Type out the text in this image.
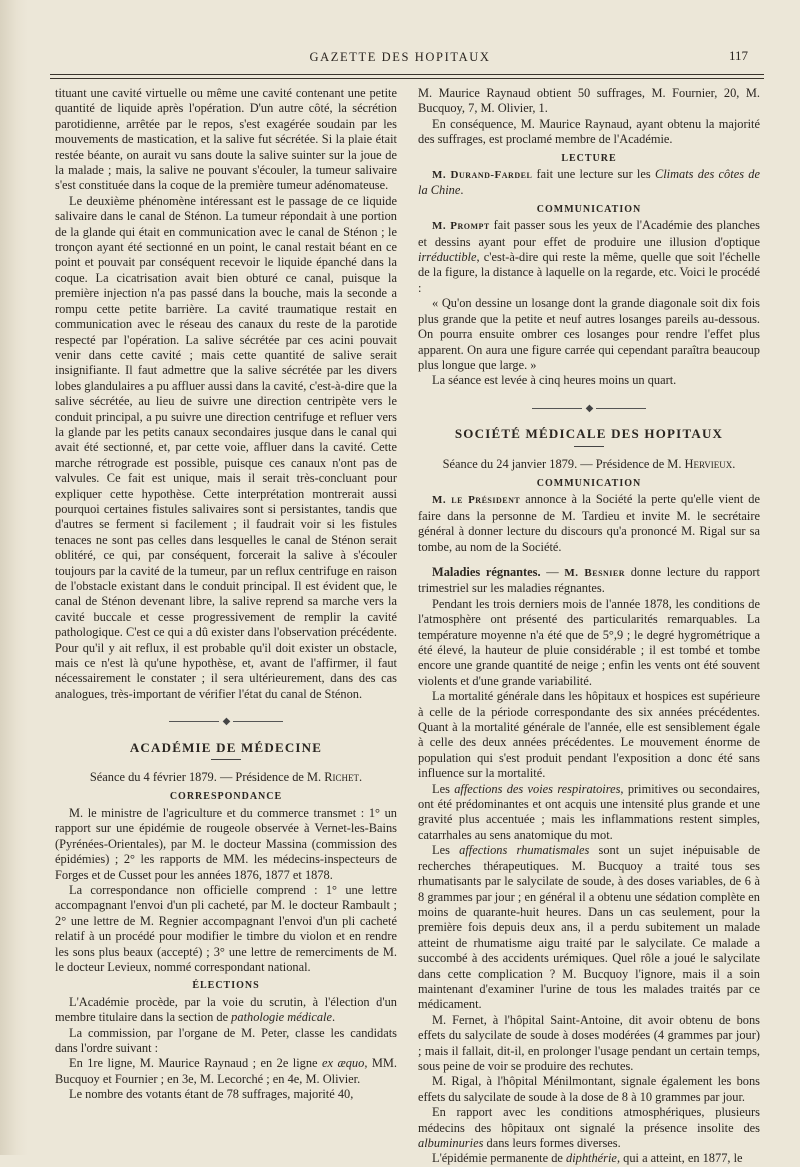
GAZETTE DES HOPITAUX	117

tituant une cavité virtuelle ou même une cavité contenant une petite quantité de liquide après l'opération. D'un autre côté, la sécrétion parotidienne, arrêtée par le repos, s'est exagérée soudain par les mouvements de mastication, et la salive fut sécrétée. Si la plaie était restée béante, on aurait vu sans doute la salive suinter sur la joue de la malade ; mais, la salive ne pouvant s'écouler, la tumeur salivaire s'est constituée dans la coque de la première tumeur adénomateuse.

Le deuxième phénomène intéressant est le passage de ce liquide salivaire dans le canal de Sténon. La tumeur répondait à une portion de la glande qui était en communication avec le canal de Sténon ; le tronçon ayant été sectionné en un point, le canal restait béant en ce point et pouvait par conséquent recevoir le liquide épanché dans la coque. La cicatrisation avait bien obturé ce canal, puisque la première injection n'a pas passé dans la bouche, mais la seconde a rompu cette petite barrière. La cavité traumatique restait en communication avec le réseau des canaux du reste de la parotide respecté par l'opération. La salive sécrétée par ces acini pouvait venir dans cette cavité ; mais cette quantité de salive serait insignifiante. Il faut admettre que la salive sécrétée par les divers lobes glandulaires a pu affluer aussi dans la cavité, c'est-à-dire que la salive sécrétée, au lieu de suivre une direction centripète vers le conduit principal, a pu suivre une direction centrifuge et refluer vers la glande par les petits canaux secondaires jusque dans le canal qui avait été sectionné, et, par cette voie, affluer dans la cavité. Cette marche rétrograde est possible, puisque ces canaux n'ont pas de valvules. Ce fait est unique, mais il serait très-concluant pour expliquer cette hypothèse. Cette interprétation montrerait aussi pourquoi certaines fistules salivaires sont si persistantes, tandis que d'autres se ferment si facilement ; il faudrait voir si les fistules tenaces ne sont pas celles dans lesquelles le canal de Sténon serait oblitéré, ce qui, par conséquent, forcerait la salive à s'écouler toujours par la cavité de la tumeur, par un reflux centrifuge en raison de l'obstacle existant dans le conduit principal. Il est évident que, le canal de Sténon devenant libre, la salive reprend sa marche vers la cavité buccale et cesse progressivement de remplir la cavité pathologique. C'est ce qui a dû exister dans l'observation précédente. Pour qu'il y ait reflux, il est probable qu'il doit exister un obstacle, mais ce n'est là qu'une hypothèse, et, avant de l'affirmer, il faut nécessairement le constater ; il sera ultérieurement, dans des cas analogues, très-important de vérifier l'état du canal de Sténon.

◆
ACADÉMIE DE MÉDECINE
Séance du 4 février 1879. — Présidence de M. Richet.
CORRESPONDANCE

M. le ministre de l'agriculture et du commerce transmet : 1° un rapport sur une épidémie de rougeole observée à Vernet-les-Bains (Pyrénées-Orientales), par M. le docteur Massina (commission des épidémies) ; 2° les rapports de MM. les médecins-inspecteurs de Forges et de Cusset pour les années 1876, 1877 et 1878.

La correspondance non officielle comprend : 1° une lettre accompagnant l'envoi d'un pli cacheté, par M. le docteur Rambault ; 2° une lettre de M. Regnier accompagnant l'envoi d'un pli cacheté relatif à un procédé pour modifier le timbre du violon et en rendre les sons plus beaux (accepté) ; 3° une lettre de remerciments de M. le docteur Levieux, nommé correspondant national.

ÉLECTIONS

L'Académie procède, par la voie du scrutin, à l'élection d'un membre titulaire dans la section de pathologie médicale.

La commission, par l'organe de M. Peter, classe les candidats dans l'ordre suivant :

En 1re ligne, M. Maurice Raynaud ; en 2e ligne ex æquo, MM. Bucquoy et Fournier ; en 3e, M. Lecorché ; en 4e, M. Olivier.

Le nombre des votants étant de 78 suffrages, majorité 40,

M. Maurice Raynaud obtient 50 suffrages, M. Fournier, 20, M. Bucquoy, 7, M. Olivier, 1.

En conséquence, M. Maurice Raynaud, ayant obtenu la majorité des suffrages, est proclamé membre de l'Académie.

LECTURE

M. Durand-Fardel fait une lecture sur les Climats des côtes de la Chine.

COMMUNICATION

M. Prompt fait passer sous les yeux de l'Académie des planches et dessins ayant pour effet de produire une illusion d'optique irréductible, c'est-à-dire qui reste la même, quelle que soit l'échelle de la figure, la distance à laquelle on la regarde, etc. Voici le procédé :

« Qu'on dessine un losange dont la grande diagonale soit dix fois plus grande que la petite et neuf autres losanges pareils au-dessous. On pourra ensuite ombrer ces losanges pour rendre l'effet plus apparent. On aura une figure carrée qui cependant paraîtra beaucoup plus longue que large. »

La séance est levée à cinq heures moins un quart.

◆
SOCIÉTÉ MÉDICALE DES HOPITAUX
Séance du 24 janvier 1879. — Présidence de M. Hervieux.
COMMUNICATION

M. le Président annonce à la Société la perte qu'elle vient de faire dans la personne de M. Tardieu et invite M. le secrétaire général à donner lecture du discours qu'a prononcé M. Rigal sur sa tombe, au nom de la Société.

Maladies régnantes. — M. Besnier donne lecture du rapport trimestriel sur les maladies régnantes.

Pendant les trois derniers mois de l'année 1878, les conditions de l'atmosphère ont présenté des particularités remarquables. La température moyenne n'a été que de 5°,9 ; le degré hygrométrique a été élevé, la hauteur de pluie considérable ; il est tombé et tombe encore une grande quantité de neige ; enfin les vents ont été souvent violents et d'une grande variabilité.

La mortalité générale dans les hôpitaux et hospices est supérieure à celle de la période correspondante des six années précédentes. Quant à la mortalité générale de l'année, elle est sensiblement égale à celle des deux années précédentes. Le mouvement énorme de population qui s'est produit pendant l'exposition a donc été sans influence sur la mortalité.

Les affections des voies respiratoires, primitives ou secondaires, ont été prédominantes et ont acquis une intensité plus grande et une gravité plus accentuée ; mais les inflammations restent simples, catarrhales au sens anatomique du mot.

Les affections rhumatismales sont un sujet inépuisable de recherches thérapeutiques. M. Bucquoy a traité tous ses rhumatisants par le salycilate de soude, à des doses variables, de 6 à 8 grammes par jour ; en général il a obtenu une sédation complète en moins de quarante-huit heures. Dans un cas seulement, pour la première fois depuis deux ans, il a perdu subitement un malade atteint de rhumatisme aigu traité par le salycilate. Ce malade a succombé à des accidents urémiques. Quel rôle a joué le salycilate dans cette complication ? M. Bucquoy l'ignore, mais il a soin maintenant d'examiner l'urine de tous les malades traités par ce médicament.

M. Fernet, à l'hôpital Saint-Antoine, dit avoir obtenu de bons effets du salycilate de soude à doses modérées (4 grammes par jour) ; mais il fallait, dit-il, en prolonger l'usage pendant un certain temps, sous peine de voir se produire des rechutes.

M. Rigal, à l'hôpital Ménilmontant, signale également les bons effets du salycilate de soude à la dose de 8 à 10 grammes par jour.

En rapport avec les conditions atmosphériques, plusieurs médecins des hôpitaux ont signalé la présence insolite des albuminuries dans leurs formes diverses.

L'épidémie permanente de diphthérie, qui a atteint, en 1877, le
